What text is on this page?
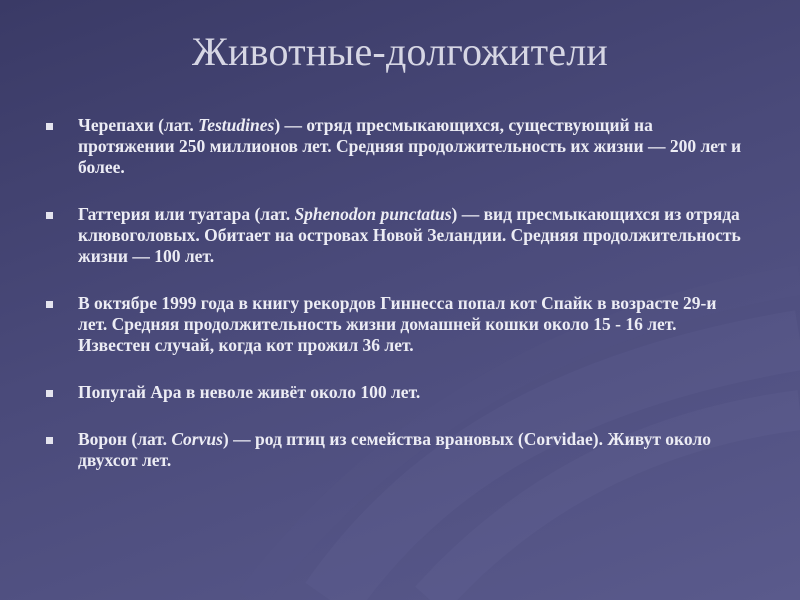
Животные-долгожители
Черепахи (лат. Testudines) — отряд пресмыкающихся, существующий на протяжении 250 миллионов лет. Средняя продолжительность их жизни — 200 лет и более.
Гаттерия или туатара (лат. Sphenodon punctatus) — вид пресмыкающихся из отряда клювоголовых. Обитает на островах Новой Зеландии. Средняя продолжительность жизни — 100 лет.
В октябре 1999 года в книгу рекордов Гиннесса попал кот Спайк в возрасте 29-и лет. Средняя продолжительность жизни домашней кошки около 15 - 16 лет. Известен случай, когда кот прожил 36 лет.
Попугай Ара в неволе живёт около 100 лет.
Ворон (лат. Corvus) — род птиц из семейства врановых (Corvidae). Живут около двухсот лет.
